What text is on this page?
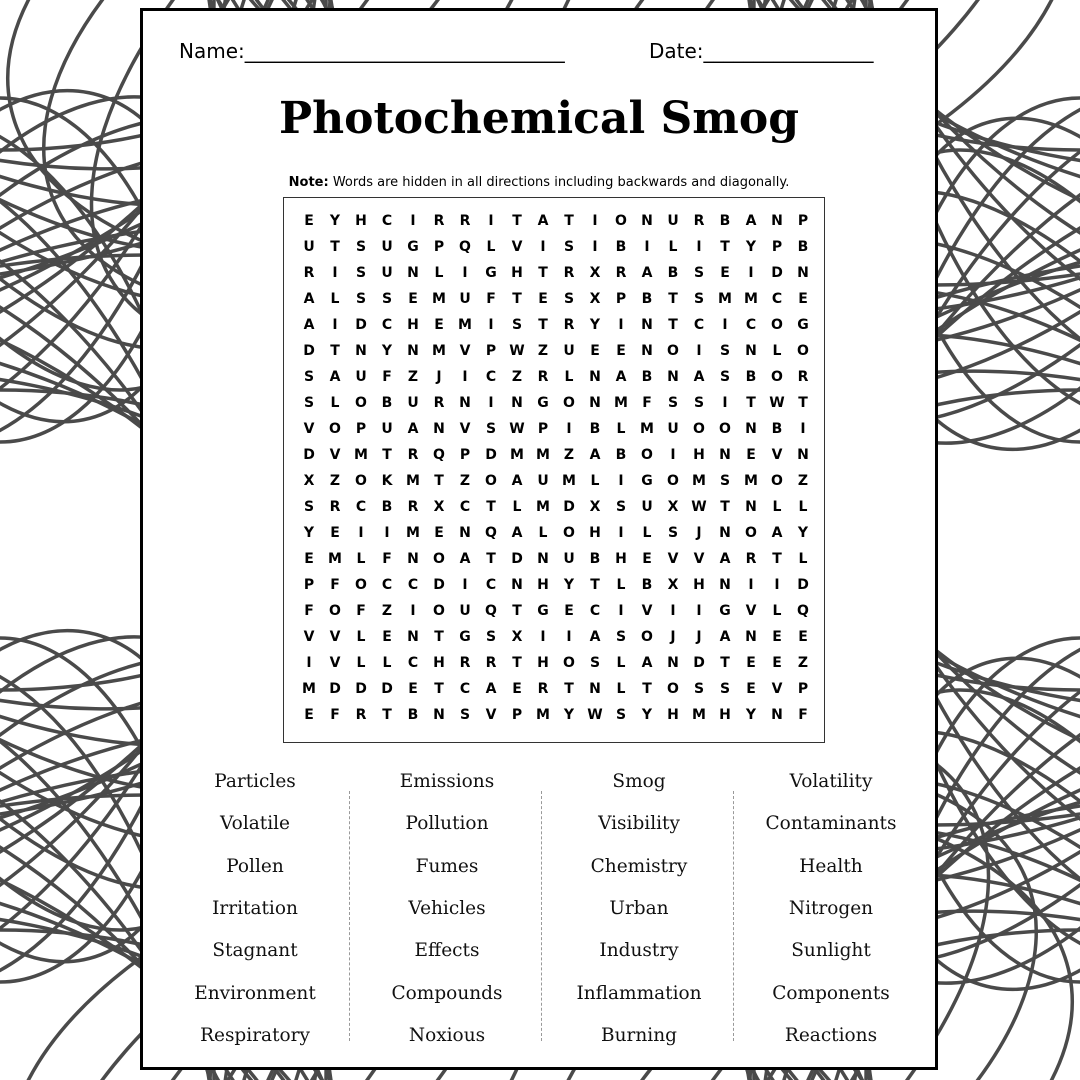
Name:________________________________	Date:_________________
Photochemical Smog
Note: Words are hidden in all directions including backwards and diagonally.
E	Y	H	C	I	R	R	I	T	A	T	I	O	N	U	R	B	A	N	P
U	T	S	U	G	P	Q	L	V	I	S	I	B	I	L	I	T	Y	P	B
R	I	S	U	N	L	I	G	H	T	R	X	R	A	B	S	E	I	D	N
A	L	S	S	E	M U	F	T	E	S	X	P	B	T	S M M C	E
A	I	D	C	H	E	M	I	S	T	R	Y	I	N	T	C	I	C	O	G
D	T	N	Y	N M V	P W Z	U	E	E	N	O	I	S	N	L	O
S	A	U	F	Z	J	I	C	Z	R	L	N	A	B	N	A	S	B	O	R
S	L	O	B	U	R	N	I	N	G	O	N M	F	S	S	I	T W T
V	O	P	U	A	N	V	S W P	I	B	L	M U	O	O	N	B	I
D	V M	T	R	Q	P	D M M Z	A	B	O	I	H	N	E	V	N
X	Z	O	K M	T	Z	O	A	U M	L	I	G	O M S M O	Z
S	R	C	B	R	X	C	T	L	M D	X	S	U	X W T	N	L	L
Y	E	I	I	M	E	N	Q	A	L	O	H	I	L	S	J	N	O	A	Y
E	M	L	F	N	O	A	T	D	N	U	B	H	E	V	V	A	R	T	L
P	F	O	C	C	D	I	C	N	H	Y	T	L	B	X	H	N	I	I	D
F	O	F	Z	I	O	U	Q	T	G	E	C	I	V	I	I	G	V	L	Q
V	V	L	E	N	T	G	S	X	I	I	A	S	O	J	J	A	N	E	E
I	V	L	L	C	H	R	R	T	H	O	S	L	A	N	D	T	E	E	Z
M D	D	D	E	T	C	A	E	R	T	N	L	T	O	S	S	E	V	P
E	F	R	T	B	N	S	V	P M Y W S	Y	H M H	Y	N	F
Particles
Volatile
Pollen
Irritation
Stagnant
Environment
Respiratory
Emissions
Pollution
Fumes
Vehicles
Effects
Compounds
Noxious
Smog
Visibility
Chemistry
Urban
Industry
Inflammation
Burning
Volatility
Contaminants
Health
Nitrogen
Sunlight
Components
Reactions
